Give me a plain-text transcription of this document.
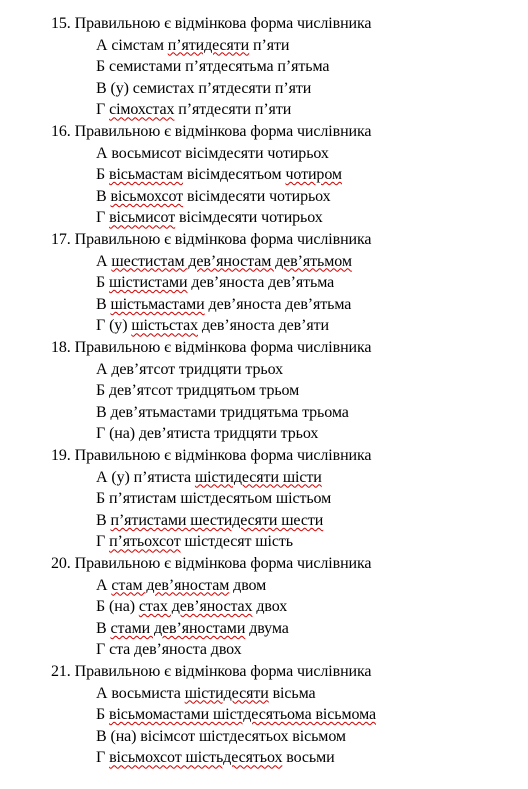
15. Правильною є відмінкова форма числівника
А сімстам п’ятидесяти п’яти
Б семистами п’ятдесятьма п’ятьма
В (у) семистах п’ятдесяти п’яти
Г сімохстах п’ятдесяти п’яти
16. Правильною є відмінкова форма числівника
А восьмисот вісімдесяти чотирьох
Б вісьмастам вісімдесятьом чотиром
В вісьмохсот вісімдесяти чотирьох
Г вісьмисот вісімдесяти чотирьох
17. Правильною є відмінкова форма числівника
А шестистам дев’яностам дев’ятьмом
Б шістистами дев’яноста дев’ятьма
В шістьмастами дев’яноста дев’ятьма
Г (у) шістьстах дев’яноста дев’яти
18. Правильною є відмінкова форма числівника
А дев’ятсот тридцяти трьох
Б дев’ятсот тридцятьом трьом
В дев’ятьмастами тридцятьма трьома
Г (на) дев’ятиста тридцяти трьох
19. Правильною є відмінкова форма числівника
А (у) п’ятиста шістидесяти шісти
Б п’ятистам шістдесятьом шістьом
В п’ятистами шестидесяти шести
Г п’ятьохсот шістдесят шість
20. Правильною є відмінкова форма числівника
А стам дев’яностам двом
Б (на) стах дев’яностах двох
В стами дев’яностами двума
Г ста дев’яноста двох
21. Правильною є відмінкова форма числівника
А восьмиста шістидесяти вісьма
Б вісьмомастами шістдесятьома вісьмома
В (на) вісімсот шістдесятьох вісьмом
Г вісьмохсот шістьдесятьох восьми
